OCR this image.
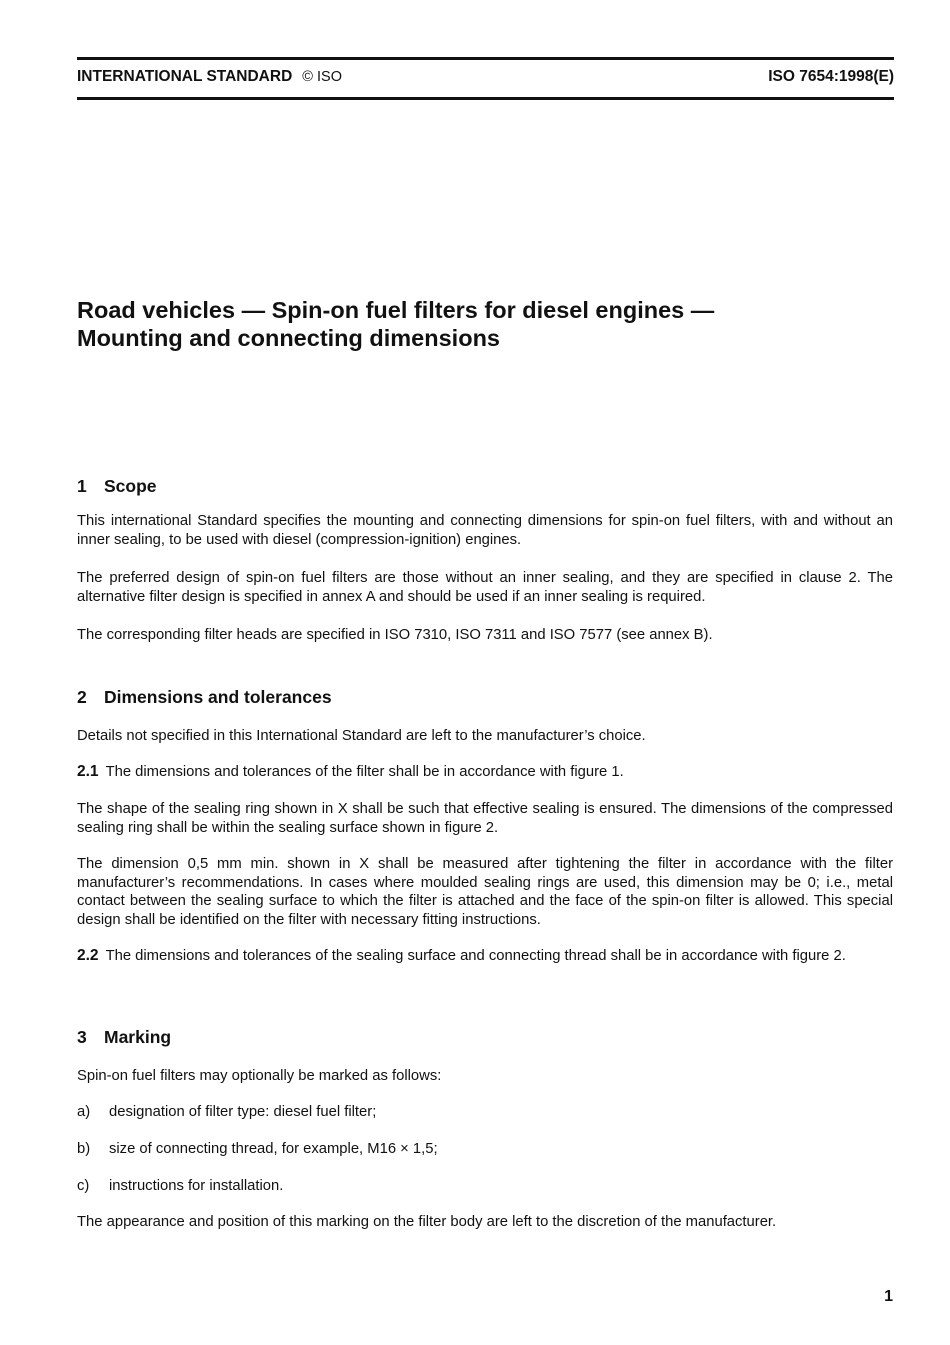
INTERNATIONAL STANDARD © ISO	ISO 7654:1998(E)
Road vehicles — Spin-on fuel filters for diesel engines —
Mounting and connecting dimensions
1 Scope

This international Standard specifies the mounting and connecting dimensions for spin-on fuel filters, with and without an inner sealing, to be used with diesel (compression-ignition) engines.

The preferred design of spin-on fuel filters are those without an inner sealing, and they are specified in clause 2. The alternative filter design is specified in annex A and should be used if an inner sealing is required.

The corresponding filter heads are specified in ISO 7310, ISO 7311 and ISO 7577 (see annex B).

2 Dimensions and tolerances

Details not specified in this International Standard are left to the manufacturer’s choice.

2.1 The dimensions and tolerances of the filter shall be in accordance with figure 1.

The shape of the sealing ring shown in X shall be such that effective sealing is ensured. The dimensions of the compressed sealing ring shall be within the sealing surface shown in figure 2.

The dimension 0,5 mm min. shown in X shall be measured after tightening the filter in accordance with the filter manufacturer’s recommendations. In cases where moulded sealing rings are used, this dimension may be 0; i.e., metal contact between the sealing surface to which the filter is attached and the face of the spin-on filter is allowed. This special design shall be identified on the filter with necessary fitting instructions.

2.2 The dimensions and tolerances of the sealing surface and connecting thread shall be in accordance with figure 2.

3 Marking

Spin-on fuel filters may optionally be marked as follows:

a) designation of filter type: diesel fuel filter;
b) size of connecting thread, for example, M16 × 1,5;
c) instructions for installation.

The appearance and position of this marking on the filter body are left to the discretion of the manufacturer.

1
